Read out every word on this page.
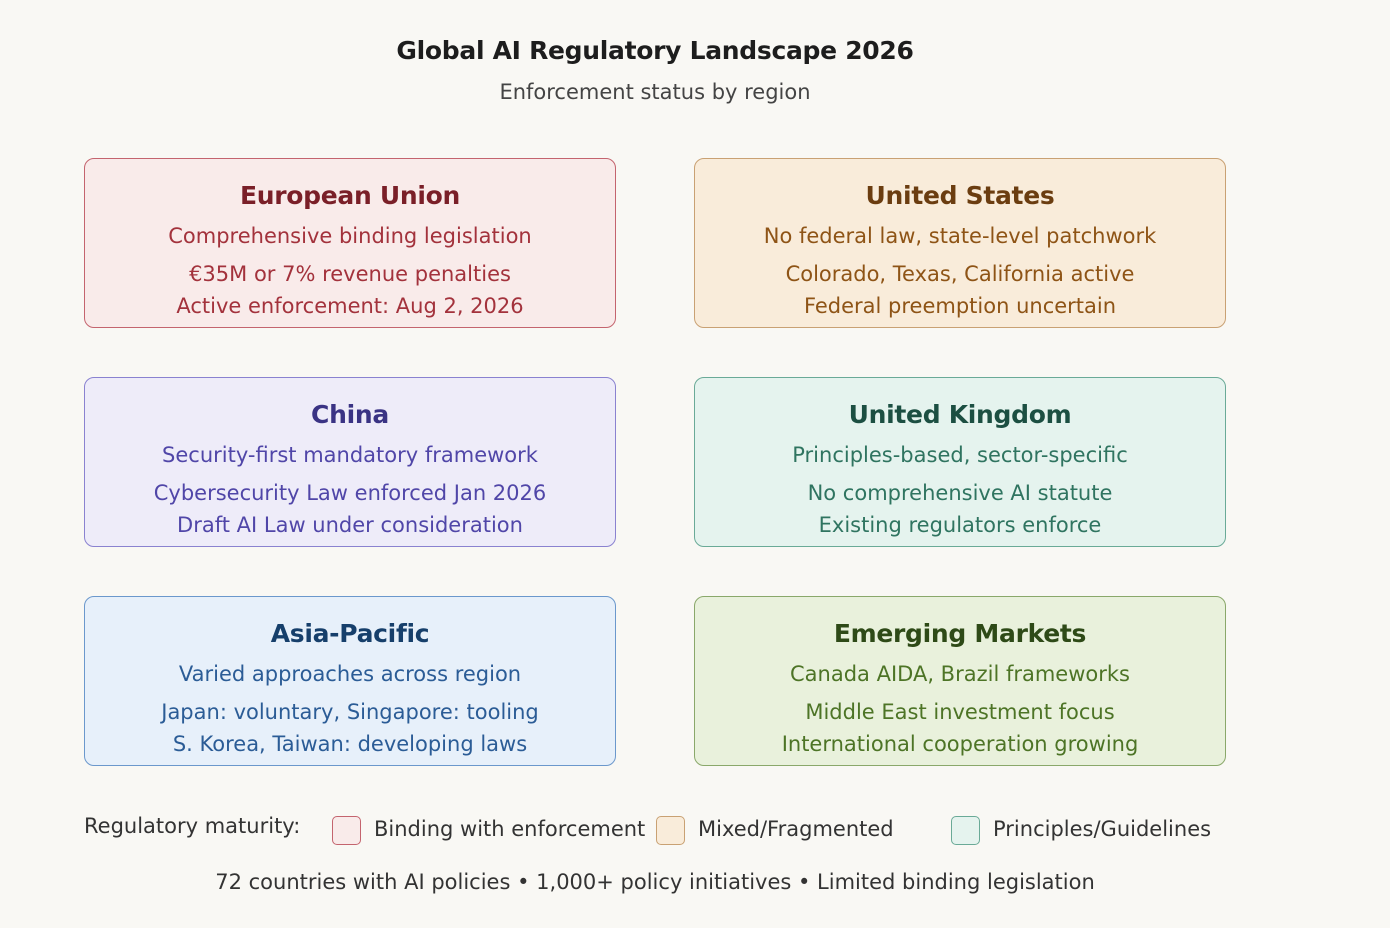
Global AI Regulatory Landscape 2026
Enforcement status by region
European Union
Comprehensive binding legislation
€35M or 7% revenue penalties
Active enforcement: Aug 2, 2026
United States
No federal law, state-level patchwork
Colorado, Texas, California active
Federal preemption uncertain
China
Security-first mandatory framework
Cybersecurity Law enforced Jan 2026
Draft AI Law under consideration
United Kingdom
Principles-based, sector-specific
No comprehensive AI statute
Existing regulators enforce
Asia-Pacific
Varied approaches across region
Japan: voluntary, Singapore: tooling
S. Korea, Taiwan: developing laws
Emerging Markets
Canada AIDA, Brazil frameworks
Middle East investment focus
International cooperation growing
Regulatory maturity:	Binding with enforcement	Mixed/Fragmented	Principles/Guidelines
72 countries with AI policies • 1,000+ policy initiatives • Limited binding legislation
